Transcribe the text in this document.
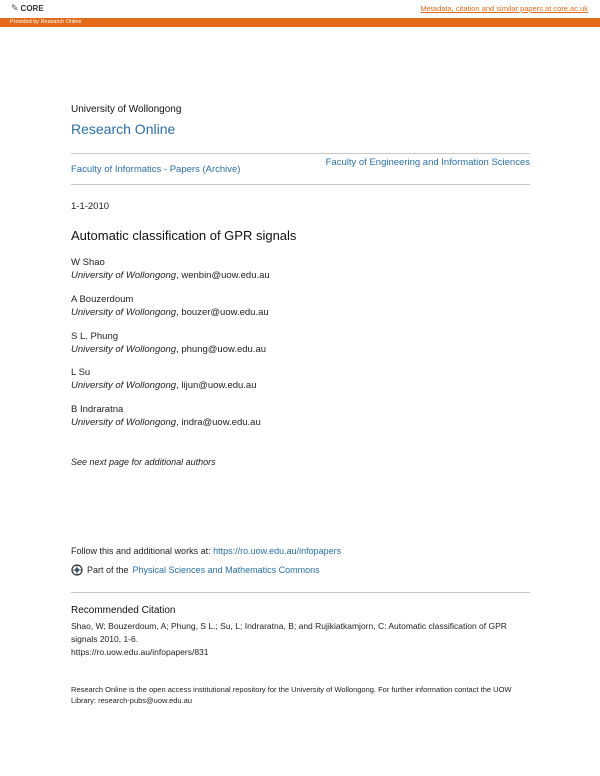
✎ CORE	Metadata, citation and similar papers at core.ac.uk
Provided by Research Online
University of Wollongong
Research Online
Faculty of Informatics - Papers (Archive)
Faculty of Engineering and Information Sciences
1-1-2010
Automatic classification of GPR signals
W Shao
University of Wollongong, wenbin@uow.edu.au
A Bouzerdoum
University of Wollongong, bouzer@uow.edu.au
S L. Phung
University of Wollongong, phung@uow.edu.au
L Su
University of Wollongong, lijun@uow.edu.au
B Indraratna
University of Wollongong, indra@uow.edu.au
See next page for additional authors
Follow this and additional works at: https://ro.uow.edu.au/infopapers
Part of the Physical Sciences and Mathematics Commons
Recommended Citation
Shao, W; Bouzerdoum, A; Phung, S L.; Su, L; Indraratna, B; and Rujikiatkamjorn, C: Automatic classification of GPR signals 2010, 1-6.
https://ro.uow.edu.au/infopapers/831
Research Online is the open access institutional repository for the University of Wollongong. For further information contact the UOW Library: research-pubs@uow.edu.au
